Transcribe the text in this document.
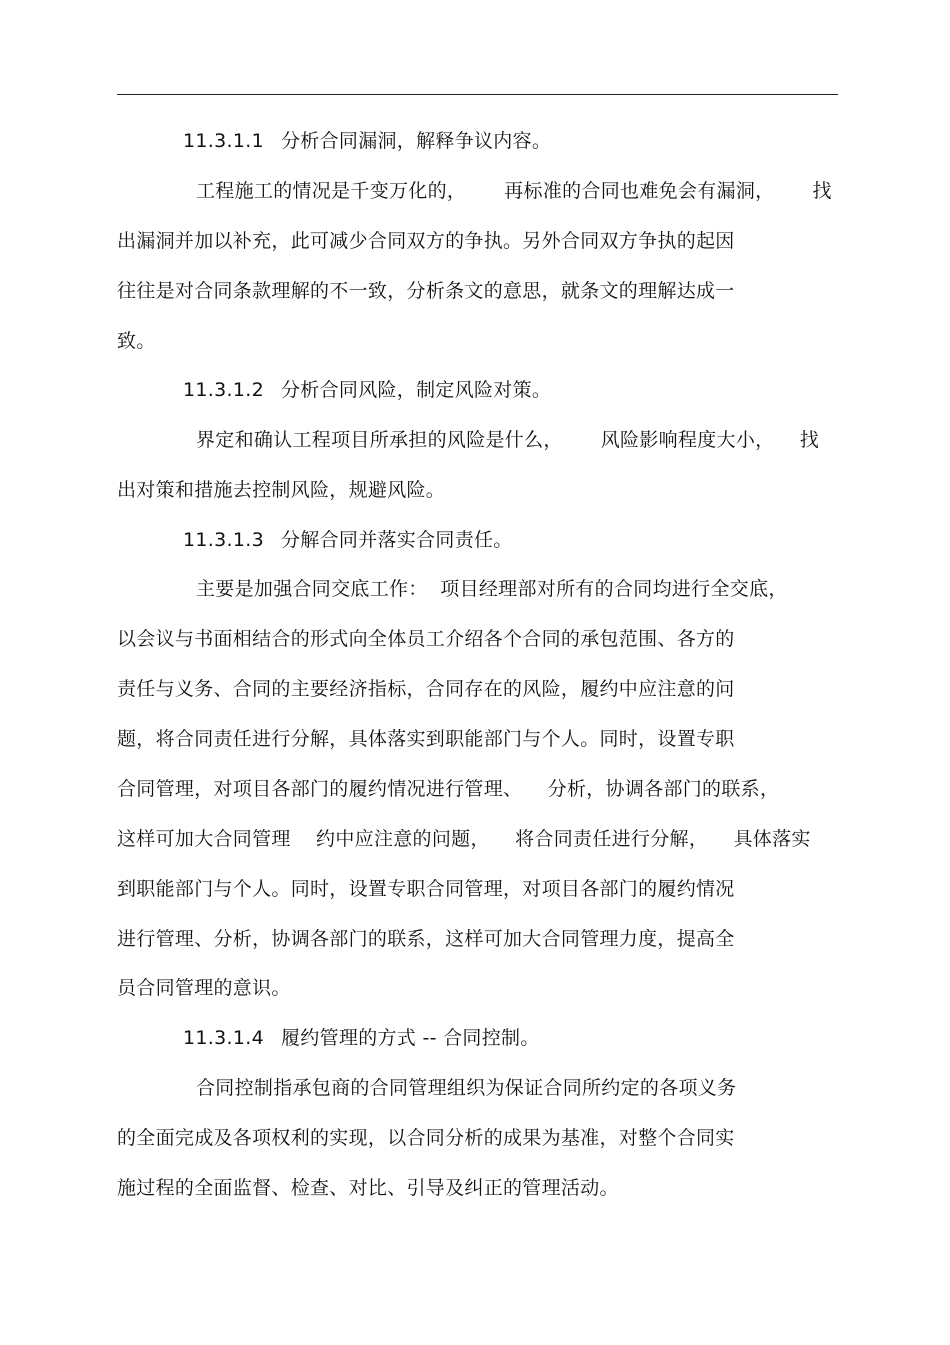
11.3.1.1 分析合同漏洞，解释争议内容。
工程施工的情况是千变万化的，      再标准的合同也难免会有漏洞，      找
出漏洞并加以补充，此可减少合同双方的争执。另外合同双方争执的起因
往往是对合同条款理解的不一致，分析条文的意思，就条文的理解达成一
致。
11.3.1.2 分析合同风险，制定风险对策。
界定和确认工程项目所承担的风险是什么，      风险影响程度大小，    找
出对策和措施去控制风险，规避风险。
11.3.1.3 分解合同并落实合同责任。
主要是加强合同交底工作：  项目经理部对所有的合同均进行全交底，
以会议与书面相结合的形式向全体员工介绍各个合同的承包范围、各方的
责任与义务、合同的主要经济指标，合同存在的风险，履约中应注意的问
题，将合同责任进行分解，具体落实到职能部门与个人。同时，设置专职
合同管理，对项目各部门的履约情况进行管理、    分析，协调各部门的联系，
这样可加大合同管理    约中应注意的问题，    将合同责任进行分解，    具体落实
到职能部门与个人。同时，设置专职合同管理，对项目各部门的履约情况
进行管理、分析，协调各部门的联系，这样可加大合同管理力度，提高全
员合同管理的意识。
11.3.1.4 履约管理的方式 -- 合同控制。
合同控制指承包商的合同管理组织为保证合同所约定的各项义务
的全面完成及各项权利的实现，以合同分析的成果为基准，对整个合同实
施过程的全面监督、检查、对比、引导及纠正的管理活动。
